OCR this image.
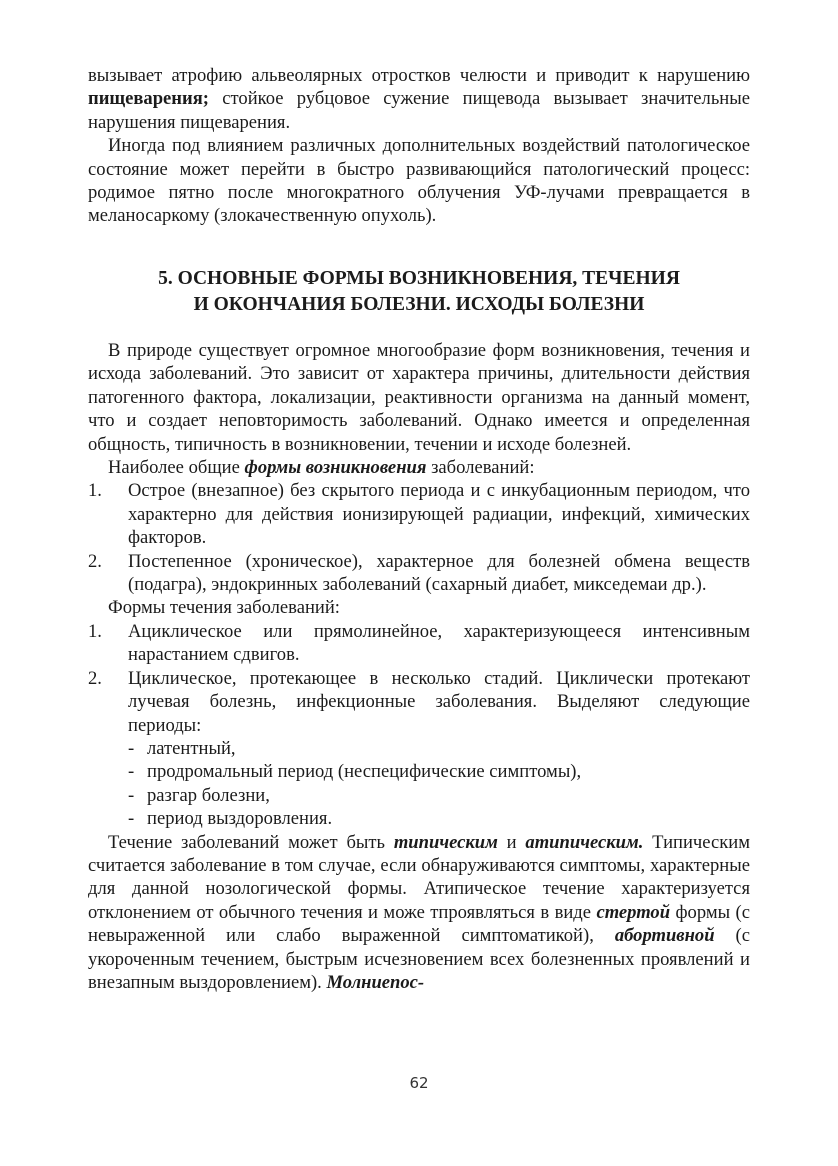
вызывает атрофию альвеолярных отростков челюсти и приводит к нарушению пищеварения; стойкое рубцовое сужение пищевода вызывает значительные нарушения пищеварения.

Иногда под влиянием различных дополнительных воздействий патологическое состояние может перейти в быстро развивающийся патологический процесс: родимое пятно после многократного облучения УФ-лучами превращается в меланосаркому (злокачественную опухоль).

5. ОСНОВНЫЕ ФОРМЫ ВОЗНИКНОВЕНИЯ, ТЕЧЕНИЯ
И ОКОНЧАНИЯ БОЛЕЗНИ. ИСХОДЫ БОЛЕЗНИ

В природе существует огромное многообразие форм возникновения, течения и исхода заболеваний. Это зависит от характера причины, длительности действия патогенного фактора, локализации, реактивности организма на данный момент, что и создает неповторимость заболеваний. Однако имеется и определенная общность, типичность в возникновении, течении и исходе болезней.

Наиболее общие формы возникновения заболеваний:

1. Острое (внезапное) без скрытого периода и с инкубационным периодом, что характерно для действия ионизирующей радиации, инфекций, химических факторов.
2. Постепенное (хроническое), характерное для болезней обмена веществ (подагра), эндокринных заболеваний (сахарный диабет, микседемаи др.).

Формы течения заболеваний:

1. Ациклическое или прямолинейное, характеризующееся интенсивным нарастанием сдвигов.
2. Циклическое, протекающее в несколько стадий. Циклически протекают лучевая болезнь, инфекционные заболевания. Выделяют следующие периоды:
- латентный,
- продромальный период (неспецифические симптомы),
- разгар болезни,
- период выздоровления.

Течение заболеваний может быть типическим и атипическим. Типическим считается заболевание в том случае, если обнаруживаются симптомы, характерные для данной нозологической формы. Атипическое течение характеризуется отклонением от обычного течения и може тпроявляться в виде стертой формы (с невыраженной или слабо выраженной симптоматикой), абортивной (с укороченным течением, быстрым исчезновением всех болезненных проявлений и внезапным выздоровлением). Молниепос-

62
